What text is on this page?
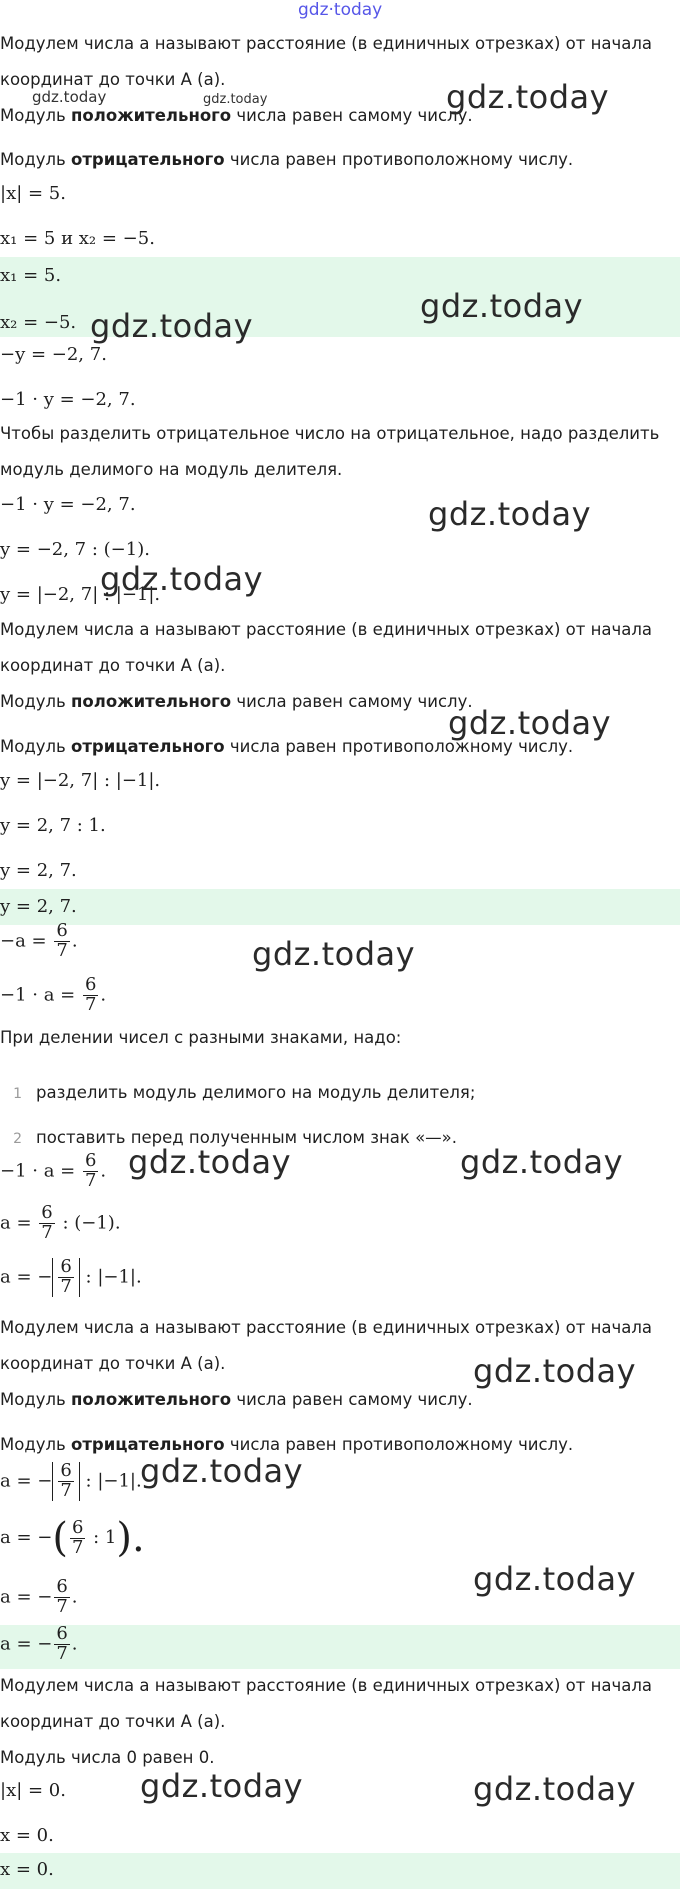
gdz·today
Модулем числа a называют расстояние (в единичных отрезках) от начала
координат до точки A (a).
Модуль положительного числа равен самому числу.
Модуль отрицательного числа равен противоположному числу.
|x| = 5.
x₁ = 5 и x₂ = −5.
x₁ = 5.
x₂ = −5.
−y = −2, 7.
−1 · y = −2, 7.
Чтобы разделить отрицательное число на отрицательное, надо разделить
модуль делимого на модуль делителя.
−1 · y = −2, 7.
y = −2, 7 : (−1).
y = |−2, 7| : |−1|.
Модулем числа a называют расстояние (в единичных отрезках) от начала
координат до точки A (a).
Модуль положительного числа равен самому числу.
Модуль отрицательного числа равен противоположному числу.
y = |−2, 7| : |−1|.
y = 2, 7 : 1.
y = 2, 7.
y = 2, 7.
$-a = \frac{6}{7}$ .
$-1 \cdot a = \frac{6}{7}$ .
При делении чисел с разными знаками, надо:
1 разделить модуль делимого на модуль делителя;
2 поставить перед полученным числом знак «—».
$-1 \cdot a = \frac{6}{7}$ .
$a = \frac{6}{7}$ : (−1).
a = − $\frac{6}{7}$ : |−1|.
Модулем числа a называют расстояние (в единичных отрезках) от начала
координат до точки A (a).
Модуль положительного числа равен самому числу.
Модуль отрицательного числа равен противоположному числу.
a = − $\frac{6}{7}$ : |−1|.
a = −( $\frac{6}{7}$ : 1).
a = − $\frac{6}{7}$ .
a = − $\frac{6}{7}$ .
Модулем числа a называют расстояние (в единичных отрезках) от начала
координат до точки A (a).
Модуль числа 0 равен 0.
|x| = 0.
x = 0.
x = 0.
gdz.today	gdz.today	gdz.today
gdz.today
gdz.today
gdz.today
gdz.today
gdz.today
gdz.today
gdz.today	gdz.today
gdz.today
gdz.today
gdz.today
gdz.today	gdz.today
